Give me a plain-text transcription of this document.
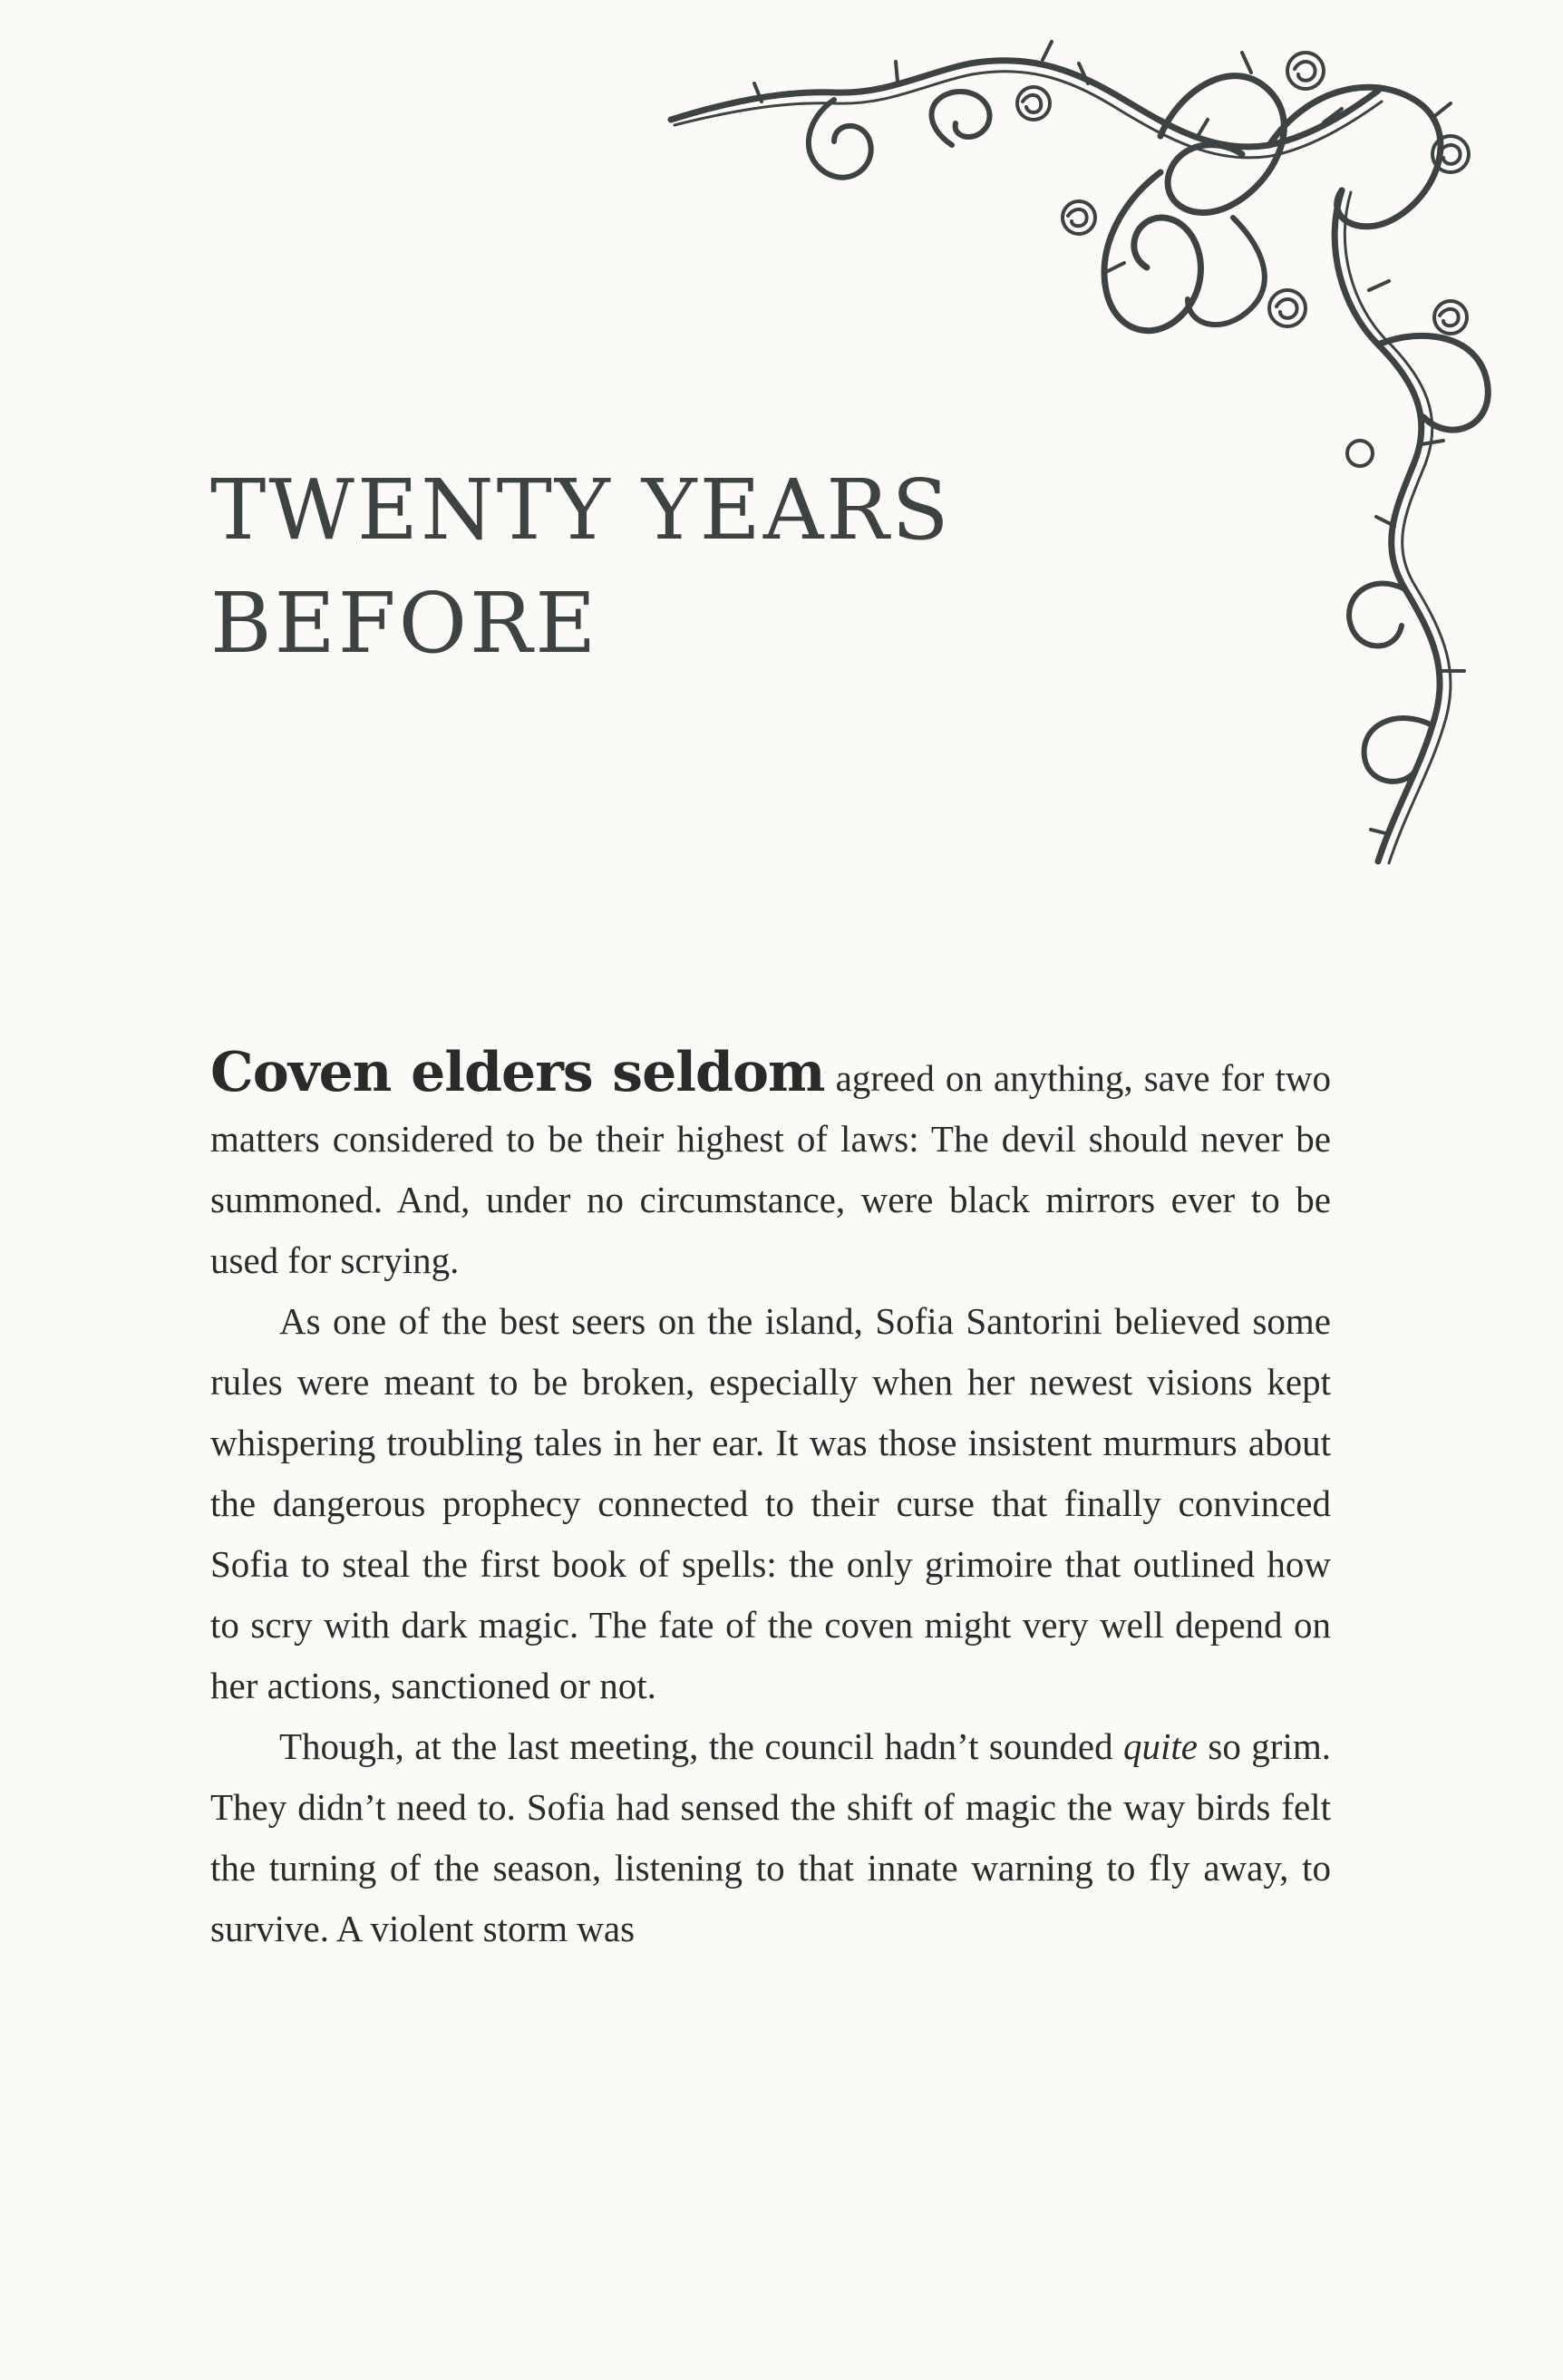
TWENTY YEARS
BEFORE

Coven elders seldom agreed on anything, save for two matters considered to be their highest of laws: The devil should never be summoned. And, under no circumstance, were black mirrors ever to be used for scrying.

As one of the best seers on the island, Sofia Santorini believed some rules were meant to be broken, especially when her newest visions kept whispering troubling tales in her ear. It was those insistent murmurs about the dangerous prophecy connected to their curse that finally convinced Sofia to steal the first book of spells: the only grimoire that outlined how to scry with dark magic. The fate of the coven might very well depend on her actions, sanctioned or not.

Though, at the last meeting, the council hadn’t sounded quite so grim. They didn’t need to. Sofia had sensed the shift of magic the way birds felt the turning of the season, listening to that innate warning to fly away, to survive. A violent storm was
